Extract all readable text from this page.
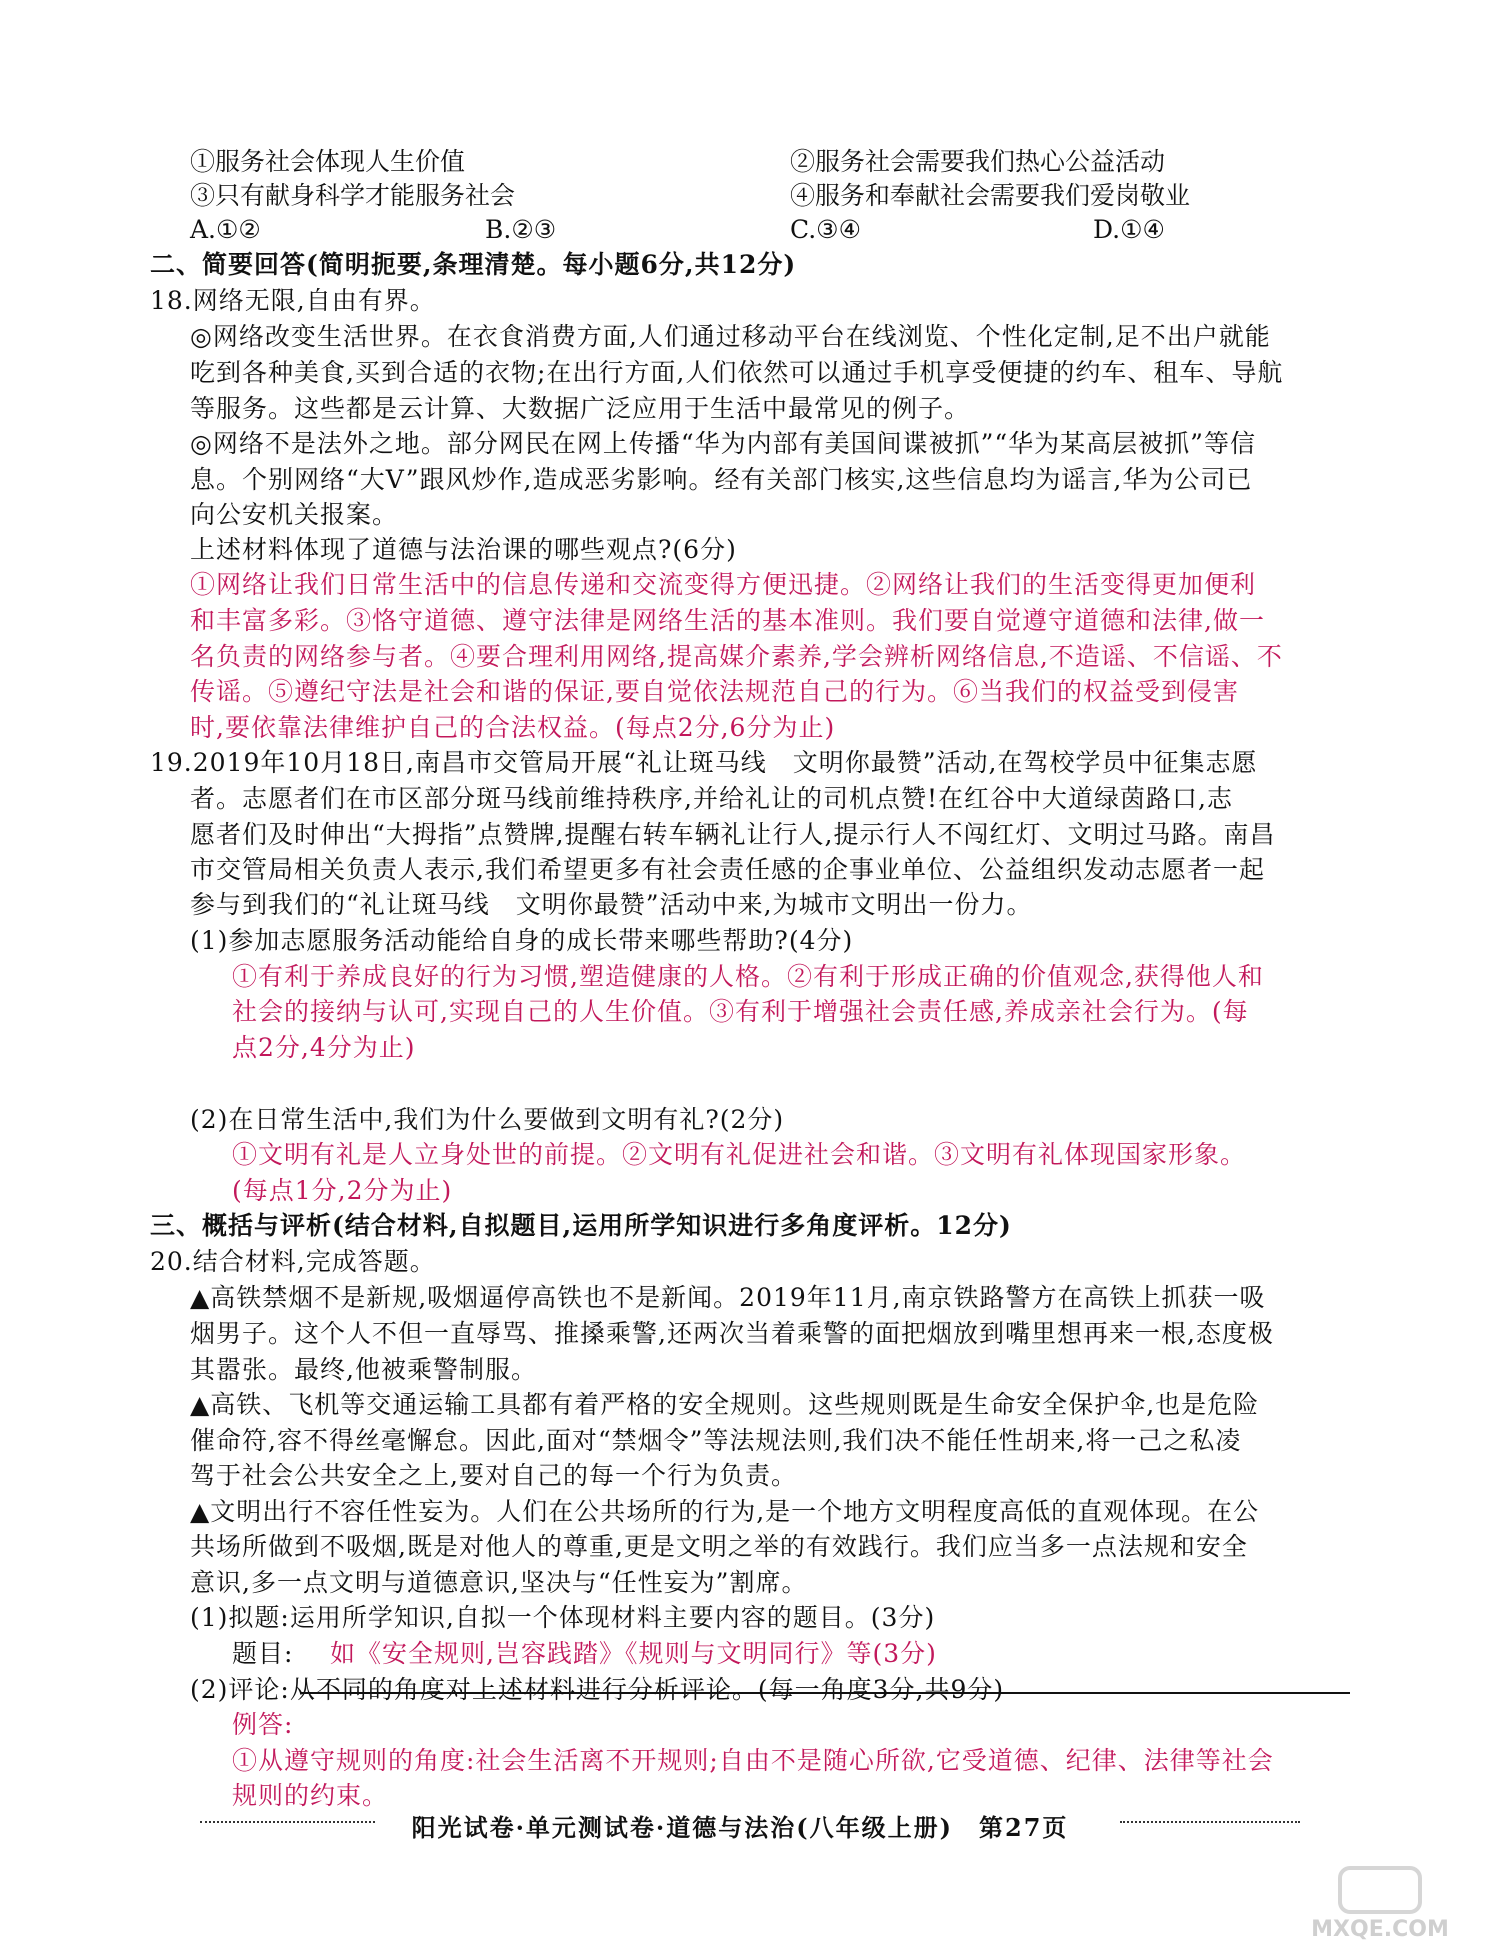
①服务社会体现人生价值	②服务社会需要我们热心公益活动
③只有献身科学才能服务社会	④服务和奉献社会需要我们爱岗敬业
A.①②	B.②③	C.③④	D.①④
二、简要回答(简明扼要,条理清楚。每小题6分,共12分)
18.网络无限,自由有界。
◎网络改变生活世界。在衣食消费方面,人们通过移动平台在线浏览、个性化定制,足不出户就能
吃到各种美食,买到合适的衣物;在出行方面,人们依然可以通过手机享受便捷的约车、租车、导航
等服务。这些都是云计算、大数据广泛应用于生活中最常见的例子。
◎网络不是法外之地。部分网民在网上传播“华为内部有美国间谍被抓”“华为某高层被抓”等信
息。个别网络“大V”跟风炒作,造成恶劣影响。经有关部门核实,这些信息均为谣言,华为公司已
向公安机关报案。
上述材料体现了道德与法治课的哪些观点?(6分)
①网络让我们日常生活中的信息传递和交流变得方便迅捷。②网络让我们的生活变得更加便利
和丰富多彩。③恪守道德、遵守法律是网络生活的基本准则。我们要自觉遵守道德和法律,做一
名负责的网络参与者。④要合理利用网络,提高媒介素养,学会辨析网络信息,不造谣、不信谣、不
传谣。⑤遵纪守法是社会和谐的保证,要自觉依法规范自己的行为。⑥当我们的权益受到侵害
时,要依靠法律维护自己的合法权益。(每点2分,6分为止)
19.2019年10月18日,南昌市交管局开展“礼让斑马线　文明你最赞”活动,在驾校学员中征集志愿
者。志愿者们在市区部分斑马线前维持秩序,并给礼让的司机点赞!在红谷中大道绿茵路口,志
愿者们及时伸出“大拇指”点赞牌,提醒右转车辆礼让行人,提示行人不闯红灯、文明过马路。南昌
市交管局相关负责人表示,我们希望更多有社会责任感的企事业单位、公益组织发动志愿者一起
参与到我们的“礼让斑马线　文明你最赞”活动中来,为城市文明出一份力。
(1)参加志愿服务活动能给自身的成长带来哪些帮助?(4分)
①有利于养成良好的行为习惯,塑造健康的人格。②有利于形成正确的价值观念,获得他人和
社会的接纳与认可,实现自己的人生价值。③有利于增强社会责任感,养成亲社会行为。(每
点2分,4分为止)
(2)在日常生活中,我们为什么要做到文明有礼?(2分)
①文明有礼是人立身处世的前提。②文明有礼促进社会和谐。③文明有礼体现国家形象。
(每点1分,2分为止)
三、概括与评析(结合材料,自拟题目,运用所学知识进行多角度评析。12分)
20.结合材料,完成答题。
▲高铁禁烟不是新规,吸烟逼停高铁也不是新闻。2019年11月,南京铁路警方在高铁上抓获一吸
烟男子。这个人不但一直辱骂、推搡乘警,还两次当着乘警的面把烟放到嘴里想再来一根,态度极
其嚣张。最终,他被乘警制服。
▲高铁、飞机等交通运输工具都有着严格的安全规则。这些规则既是生命安全保护伞,也是危险
催命符,容不得丝毫懈怠。因此,面对“禁烟令”等法规法则,我们决不能任性胡来,将一己之私凌
驾于社会公共安全之上,要对自己的每一个行为负责。
▲文明出行不容任性妄为。人们在公共场所的行为,是一个地方文明程度高低的直观体现。在公
共场所做到不吸烟,既是对他人的尊重,更是文明之举的有效践行。我们应当多一点法规和安全
意识,多一点文明与道德意识,坚决与“任性妄为”割席。
(1)拟题:运用所学知识,自拟一个体现材料主要内容的题目。(3分)
题目: 如《安全规则,岂容践踏》《规则与文明同行》等(3分)
(2)评论:从不同的角度对上述材料进行分析评论。(每一角度3分,共9分)
例答:
①从遵守规则的角度:社会生活离不开规则;自由不是随心所欲,它受道德、纪律、法律等社会
规则的约束。
阳光试卷·单元测试卷·道德与法治(八年级上册)　第27页
MXQE.COM
